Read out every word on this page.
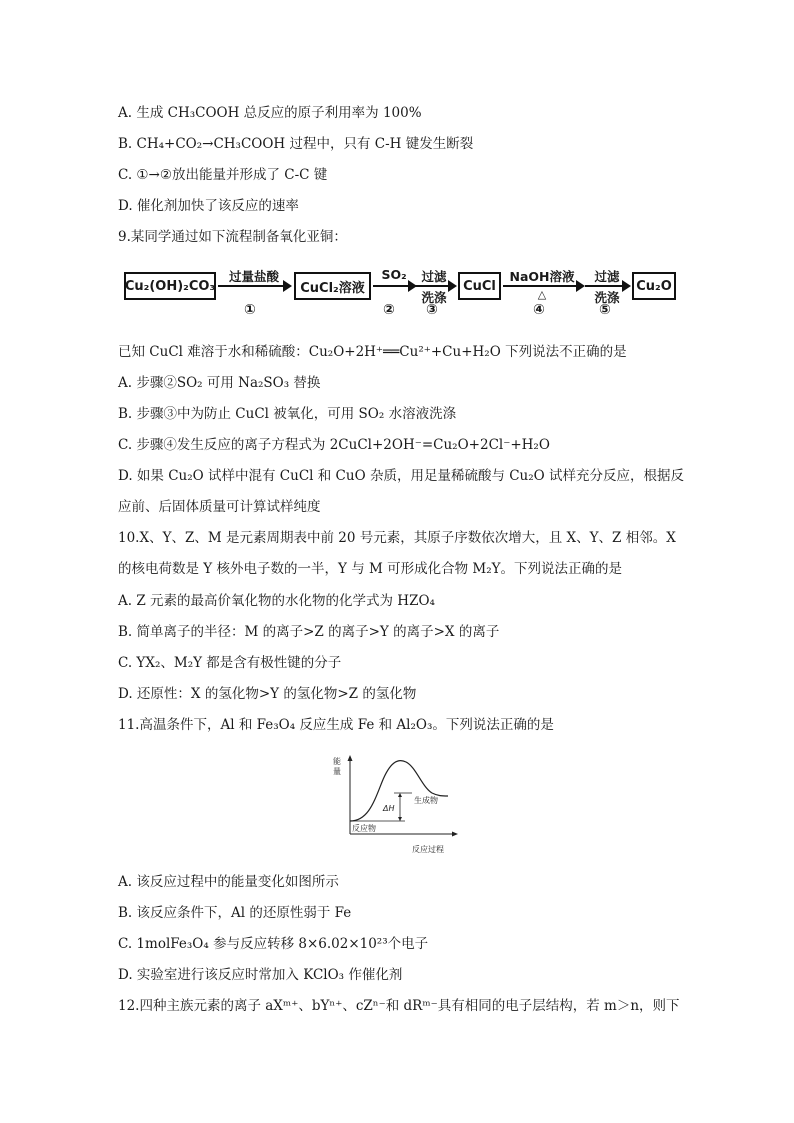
A. 生成 CH₃COOH 总反应的原子利用率为 100%
B. CH₄+CO₂→CH₃COOH 过程中，只有 C-H 键发生断裂
C. ①→②放出能量并形成了 C-C 键
D. 催化剂加快了该反应的速率
9.某同学通过如下流程制备氧化亚铜：
Cu₂(OH)₂CO₃
过量盐酸
①
CuCl₂溶液
SO₂
②
过滤
洗涤
③
CuCl
NaOH溶液
△
④
过滤
洗涤
⑤
Cu₂O
已知 CuCl 难溶于水和稀硫酸：Cu₂O+2H⁺══Cu²⁺+Cu+H₂O 下列说法不正确的是
A. 步骤②SO₂ 可用 Na₂SO₃ 替换
B. 步骤③中为防止 CuCl 被氧化，可用 SO₂ 水溶液洗涤
C. 步骤④发生反应的离子方程式为 2CuCl+2OH⁻=Cu₂O+2Cl⁻+H₂O
D. 如果 Cu₂O 试样中混有 CuCl 和 CuO 杂质，用足量稀硫酸与 Cu₂O 试样充分反应，根据反
应前、后固体质量可计算试样纯度
10.X、Y、Z、M 是元素周期表中前 20 号元素，其原子序数依次增大，且 X、Y、Z 相邻。X
的核电荷数是 Y 核外电子数的一半，Y 与 M 可形成化合物 M₂Y。下列说法正确的是
A. Z 元素的最高价氧化物的水化物的化学式为 HZO₄
B. 简单离子的半径：M 的离子>Z 的离子>Y 的离子>X 的离子
C. YX₂、M₂Y 都是含有极性键的分子
D. 还原性：X 的氢化物>Y 的氢化物>Z 的氢化物
11.高温条件下，Al 和 Fe₃O₄ 反应生成 Fe 和 Al₂O₃。下列说法正确的是
能
量
反应过程
反应物
生成物
ΔH
A. 该反应过程中的能量变化如图所示
B. 该反应条件下，Al 的还原性弱于 Fe
C. 1molFe₃O₄ 参与反应转移 8×6.02×10²³个电子
D. 实验室进行该反应时常加入 KClO₃ 作催化剂
12.四种主族元素的离子 aXᵐ⁺、bYⁿ⁺、cZⁿ⁻和 dRᵐ⁻具有相同的电子层结构，若 m＞n，则下
